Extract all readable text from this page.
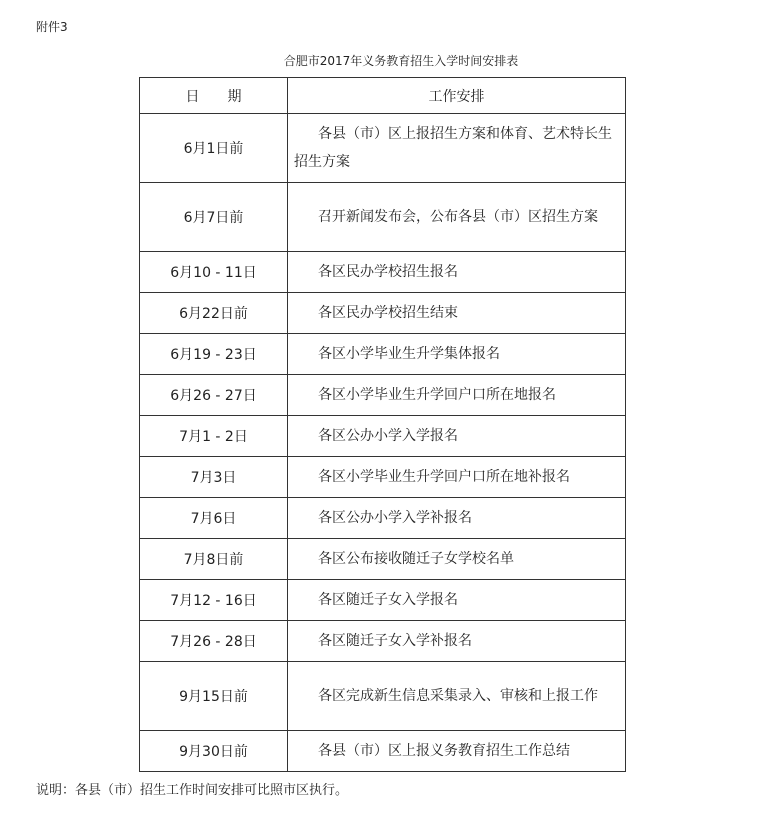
附件3
合肥市2017年义务教育招生入学时间安排表
日　　期	工作安排
6月1日前	各县（市）区上报招生方案和体育、艺术特长生招生方案
6月7日前	召开新闻发布会，公布各县（市）区招生方案
6月10 - 11日	各区民办学校招生报名
6月22日前	各区民办学校招生结束
6月19 - 23日	各区小学毕业生升学集体报名
6月26 - 27日	各区小学毕业生升学回户口所在地报名
7月1 - 2日	各区公办小学入学报名
7月3日	各区小学毕业生升学回户口所在地补报名
7月6日	各区公办小学入学补报名
7月8日前	各区公布接收随迁子女学校名单
7月12 - 16日	各区随迁子女入学报名
7月26 - 28日	各区随迁子女入学补报名
9月15日前	各区完成新生信息采集录入、审核和上报工作
9月30日前	各县（市）区上报义务教育招生工作总结
说明：各县（市）招生工作时间安排可比照市区执行。
